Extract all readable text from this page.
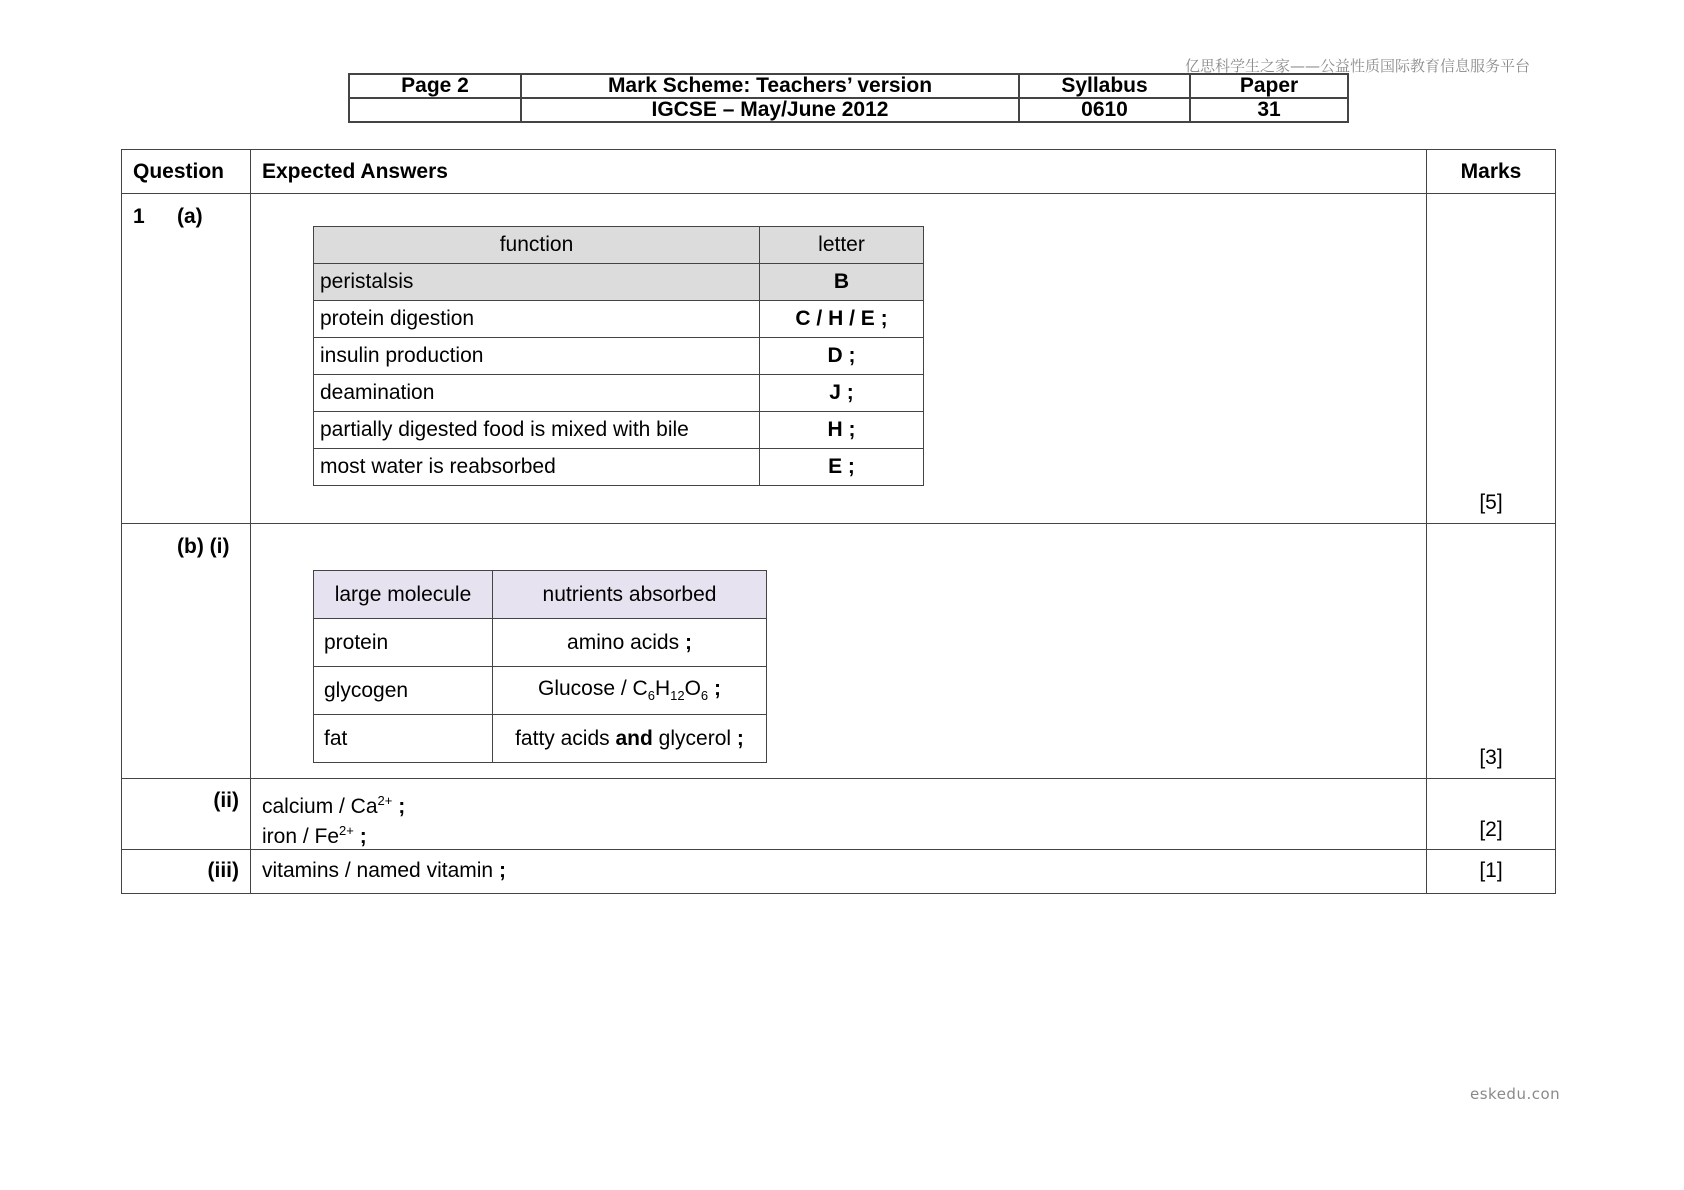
亿思科学生之家——公益性质国际教育信息服务平台
Page 2	Mark Scheme: Teachers’ version	Syllabus	Paper
	IGCSE – May/June 2012	0610	31
Question	Expected Answers	Marks

1 (a)

function	letter
peristalsis	B
protein digestion	C / H / E ;
insulin production	D ;
deamination	J ;
partially digested food is mixed with bile	H ;
most water is reabsorbed	E ;

[5]

(b) (i)

large molecule	nutrients absorbed
protein	amino acids ;
glycogen	Glucose / $C_6H_{12}O_6$ ;
fat	fatty acids and glycerol ;

[3]

(ii)	calcium / $Ca^{2+}$ ;
iron / $Fe^{2+}$ ;	[2]

(iii)	vitamins / named vitamin ;	[1]
eskedu.con
